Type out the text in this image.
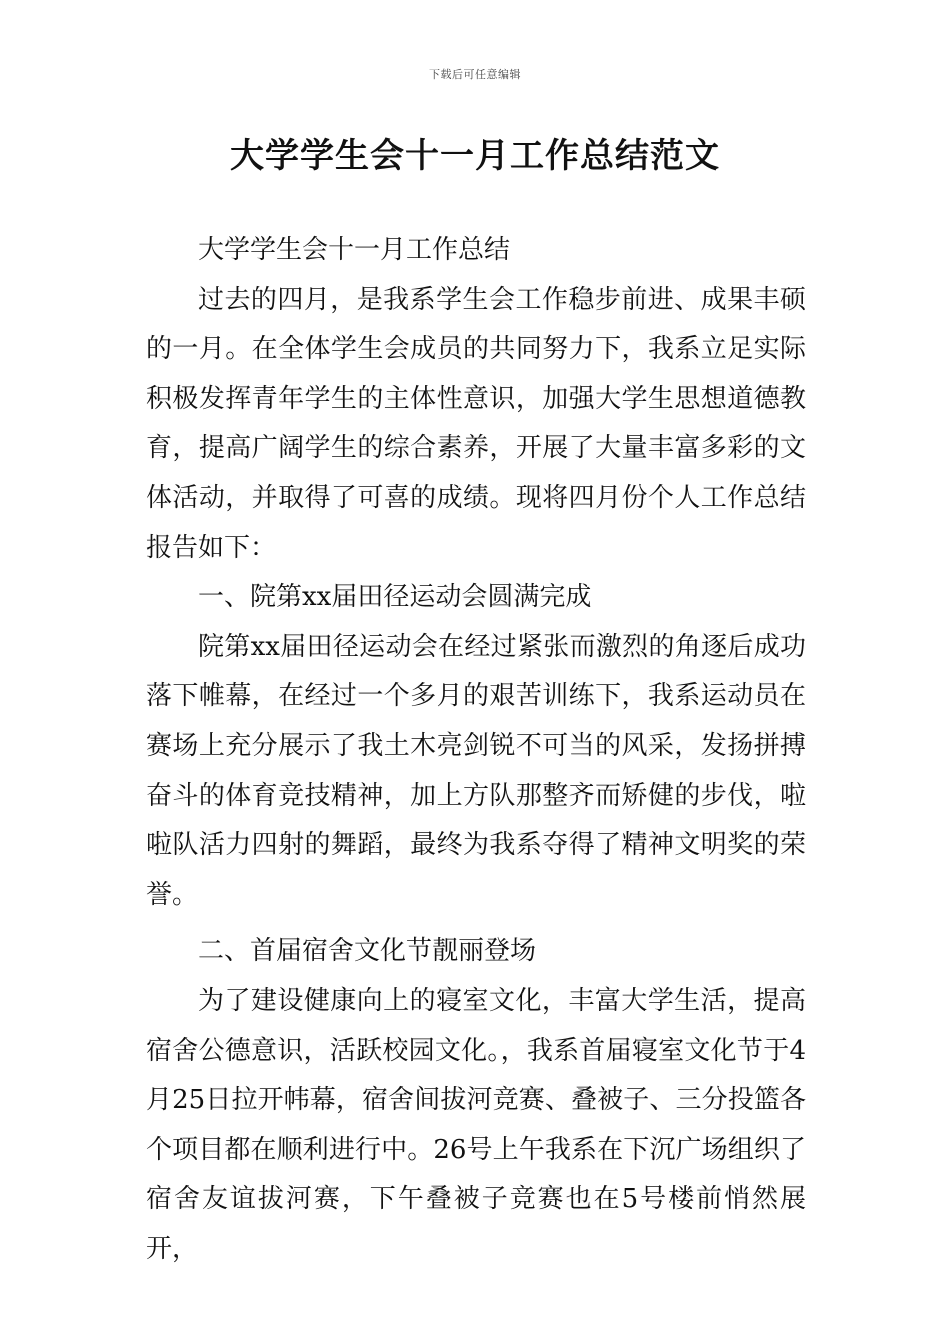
下载后可任意编辑
大学学生会十一月工作总结范文

大学学生会十一月工作总结

过去的四月，是我系学生会工作稳步前进、成果丰硕的一月。在全体学生会成员的共同努力下，我系立足实际积极发挥青年学生的主体性意识，加强大学生思想道德教育，提高广阔学生的综合素养，开展了大量丰富多彩的文体活动，并取得了可喜的成绩。现将四月份个人工作总结报告如下：

一、院第xx届田径运动会圆满完成

院第xx届田径运动会在经过紧张而激烈的角逐后成功落下帷幕，在经过一个多月的艰苦训练下，我系运动员在赛场上充分展示了我土木亮剑锐不可当的风采，发扬拼搏奋斗的体育竞技精神，加上方队那整齐而矫健的步伐，啦啦队活力四射的舞蹈，最终为我系夺得了精神文明奖的荣誉。

二、首届宿舍文化节靓丽登场

为了建设健康向上的寝室文化，丰富大学生活，提高宿舍公德意识，活跃校园文化。，我系首届寝室文化节于4月25日拉开帏幕，宿舍间拔河竞赛、叠被子、三分投篮各个项目都在顺利进行中。26号上午我系在下沉广场组织了宿舍友谊拔河赛，下午叠被子竞赛也在5号楼前悄然展开，
